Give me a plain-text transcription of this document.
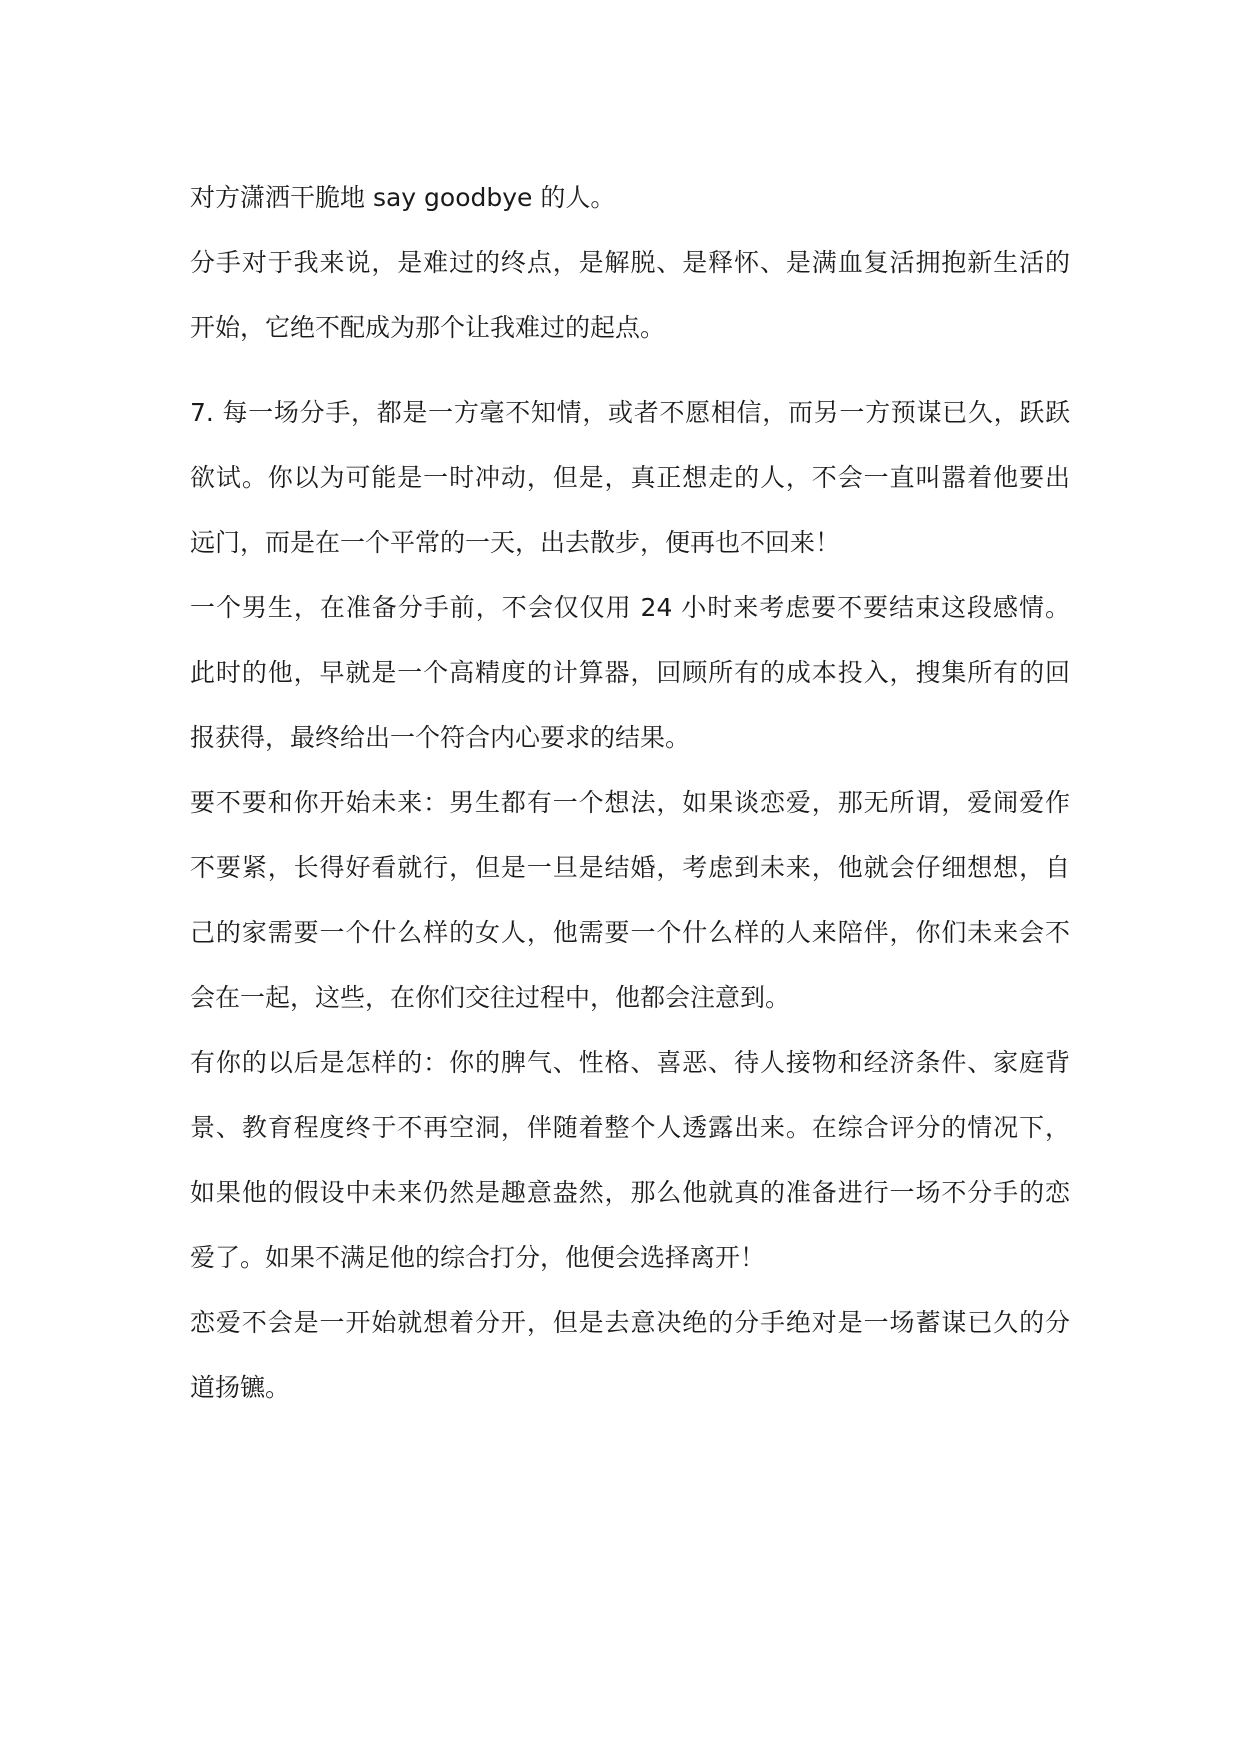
对方潇洒干脆地 say goodbye 的人。
分手对于我来说，是难过的终点，是解脱、是释怀、是满血复活拥抱新生活的
开始，它绝不配成为那个让我难过的起点。
7. 每一场分手，都是一方毫不知情，或者不愿相信，而另一方预谋已久，跃跃
欲试。你以为可能是一时冲动，但是，真正想走的人，不会一直叫嚣着他要出
远门，而是在一个平常的一天，出去散步，便再也不回来！
一个男生，在准备分手前，不会仅仅用 24 小时来考虑要不要结束这段感情。
此时的他，早就是一个高精度的计算器，回顾所有的成本投入，搜集所有的回
报获得，最终给出一个符合内心要求的结果。
要不要和你开始未来：男生都有一个想法，如果谈恋爱，那无所谓，爱闹爱作
不要紧，长得好看就行，但是一旦是结婚，考虑到未来，他就会仔细想想，自
己的家需要一个什么样的女人，他需要一个什么样的人来陪伴，你们未来会不
会在一起，这些，在你们交往过程中，他都会注意到。
有你的以后是怎样的：你的脾气、性格、喜恶、待人接物和经济条件、家庭背
景、教育程度终于不再空洞，伴随着整个人透露出来。在综合评分的情况下，
如果他的假设中未来仍然是趣意盎然，那么他就真的准备进行一场不分手的恋
爱了。如果不满足他的综合打分，他便会选择离开！
恋爱不会是一开始就想着分开，但是去意决绝的分手绝对是一场蓄谋已久的分
道扬镳。
